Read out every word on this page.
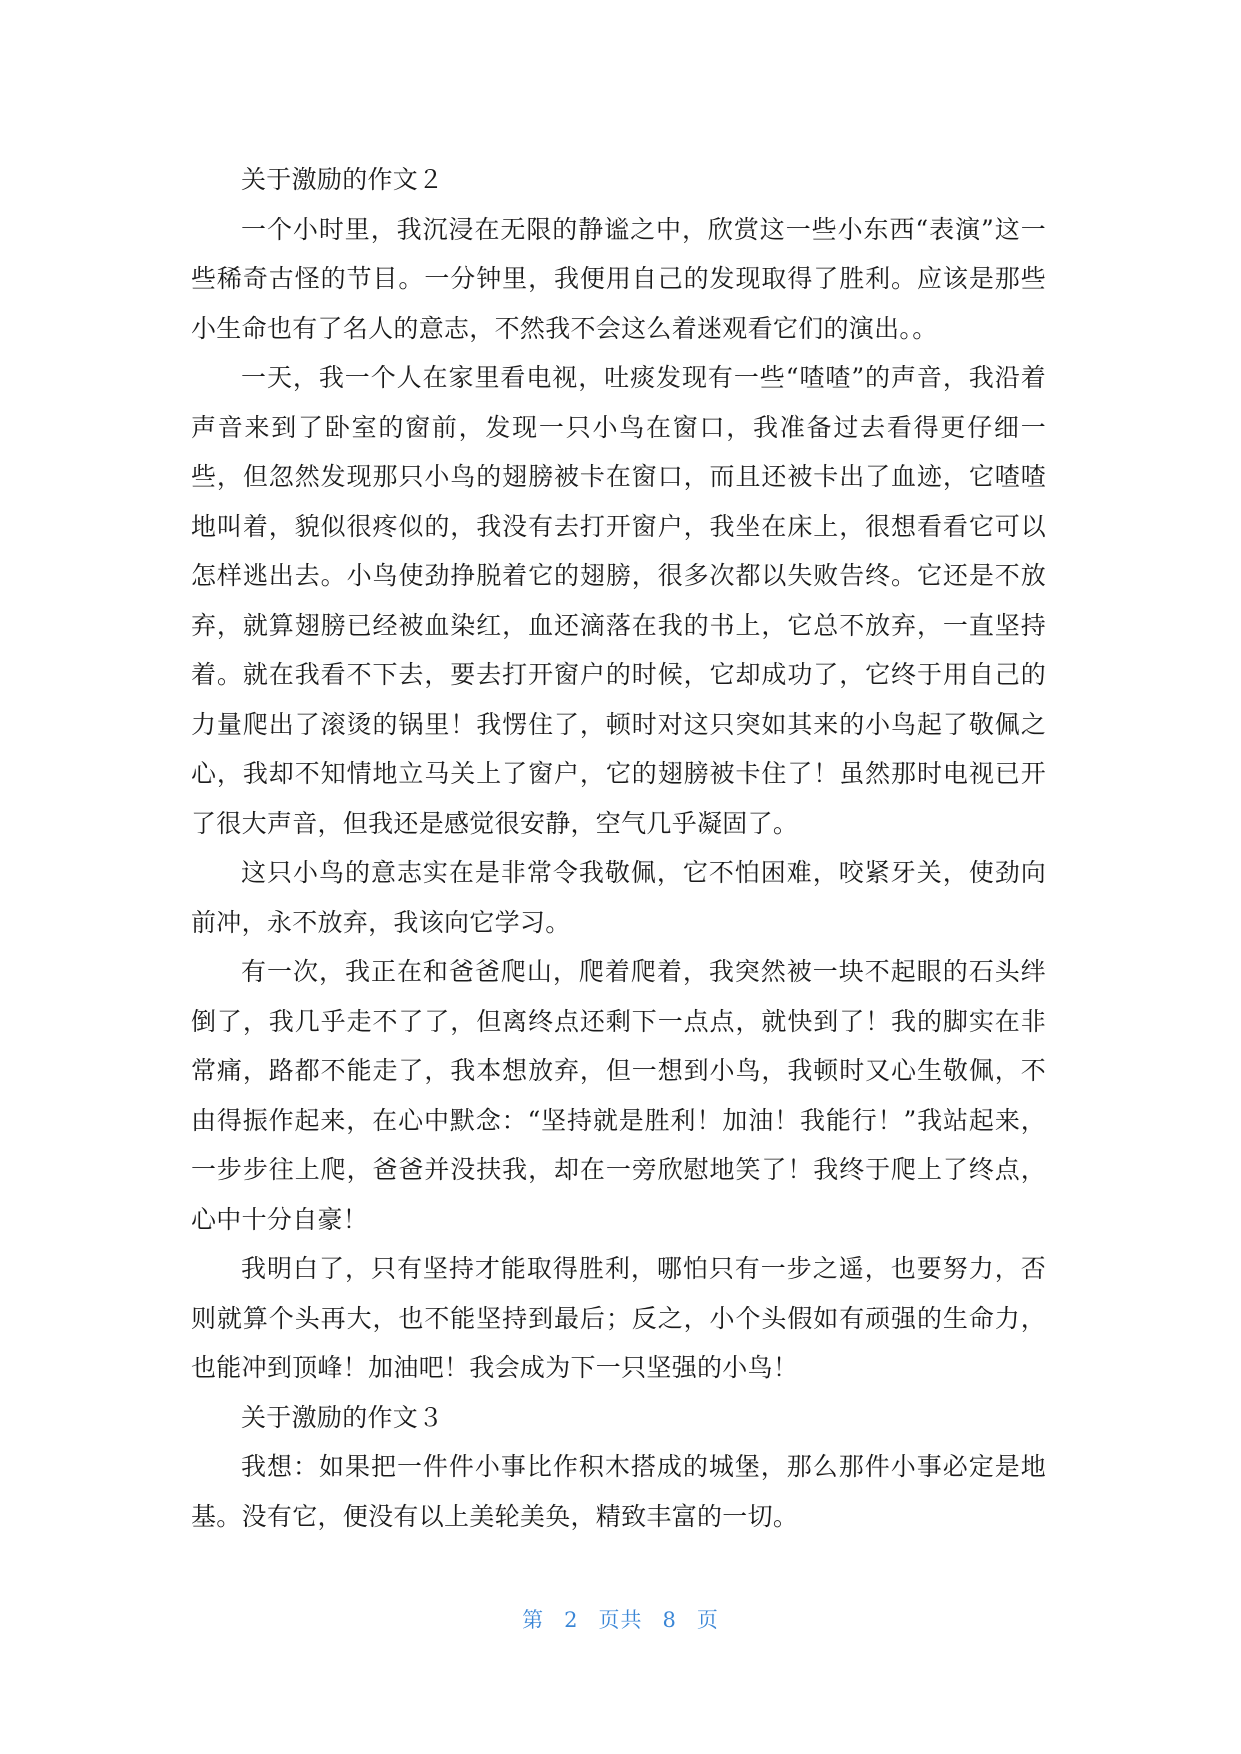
关于激励的作文２

一个小时里，我沉浸在无限的静谧之中，欣赏这一些小东西“表演”这一些稀奇古怪的节目。一分钟里，我便用自己的发现取得了胜利。应该是那些小生命也有了名人的意志，不然我不会这么着迷观看它们的演出。。

一天，我一个人在家里看电视，吐痰发现有一些“喳喳”的声音，我沿着声音来到了卧室的窗前，发现一只小鸟在窗口，我准备过去看得更仔细一些，但忽然发现那只小鸟的翅膀被卡在窗口，而且还被卡出了血迹，它喳喳地叫着，貌似很疼似的，我没有去打开窗户，我坐在床上，很想看看它可以怎样逃出去。小鸟使劲挣脱着它的翅膀，很多次都以失败告终。它还是不放弃，就算翅膀已经被血染红，血还滴落在我的书上，它总不放弃，一直坚持着。就在我看不下去，要去打开窗户的时候，它却成功了，它终于用自己的力量爬出了滚烫的锅里！我愣住了，顿时对这只突如其来的小鸟起了敬佩之心，我却不知情地立马关上了窗户，它的翅膀被卡住了！虽然那时电视已开了很大声音，但我还是感觉很安静，空气几乎凝固了。

这只小鸟的意志实在是非常令我敬佩，它不怕困难，咬紧牙关，使劲向前冲，永不放弃，我该向它学习。

有一次，我正在和爸爸爬山，爬着爬着，我突然被一块不起眼的石头绊倒了，我几乎走不了了，但离终点还剩下一点点，就快到了！我的脚实在非常痛，路都不能走了，我本想放弃，但一想到小鸟，我顿时又心生敬佩，不由得振作起来，在心中默念：“坚持就是胜利！加油！我能行！”我站起来，一步步往上爬，爸爸并没扶我，却在一旁欣慰地笑了！我终于爬上了终点，心中十分自豪！

我明白了，只有坚持才能取得胜利，哪怕只有一步之遥，也要努力，否则就算个头再大，也不能坚持到最后；反之，小个头假如有顽强的生命力，也能冲到顶峰！加油吧！我会成为下一只坚强的小鸟！

关于激励的作文３

我想：如果把一件件小事比作积木搭成的城堡，那么那件小事必定是地基。没有它，便没有以上美轮美奂，精致丰富的一切。

第 2 页共 8 页
